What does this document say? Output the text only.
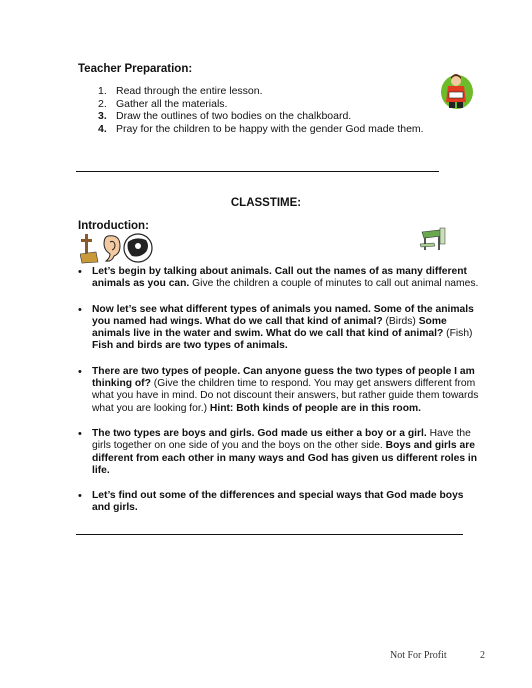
Teacher Preparation:
1. Read through the entire lesson.
2. Gather all the materials.
3. Draw the outlines of two bodies on the chalkboard.
4. Pray for the children to be happy with the gender God made them.
CLASSTIME:
Introduction:
• Let’s begin by talking about animals. Call out the names of as many different animals as you can. Give the children a couple of minutes to call out animal names.
• Now let’s see what different types of animals you named. Some of the animals you named had wings. What do we call that kind of animal? (Birds) Some animals live in the water and swim. What do we call that kind of animal? (Fish) Fish and birds are two types of animals.
• There are two types of people. Can anyone guess the two types of people I am thinking of? (Give the children time to respond. You may get answers different from what you have in mind. Do not discount their answers, but rather guide them towards what you are looking for.) Hint: Both kinds of people are in this room.
• The two types are boys and girls. God made us either a boy or a girl. Have the girls together on one side of you and the boys on the other side. Boys and girls are different from each other in many ways and God has given us different roles in life.
• Let’s find out some of the differences and special ways that God made boys and girls.
Not For Profit	2
